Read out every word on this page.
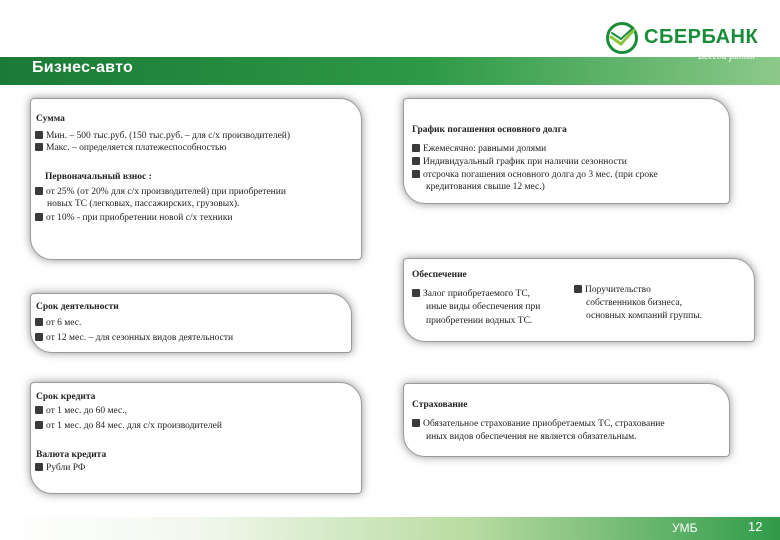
Бизнес-авто
СБЕРБАНК
Всегда рядом
Сумма
Мин. – 500 тыс.руб. (150 тыс.руб. – для с/х производителей)
Макс. – определяется платежеспособностью
Первоначальный взнос :
от 25% (от 20% для с/х производителей) при приобретении
новых ТС (легковых, пассажирских, грузовых).
от 10% - при приобретении новой с/х техники
Срок деятельности
от 6 мес.
от 12 мес. – для сезонных видов деятельности
Срок кредита
от 1 мес. до 60 мес.,
от 1 мес. до 84 мес. для с/х производителей
Валюта кредита
Рубли РФ
График погашения основного долга
Ежемесячно: равными долями
Индивидуальный график при наличии сезонности
отсрочка погашения основного долга до 3 мес. (при сроке
кредитования свыше 12 мес.)
Обеспечение
Залог приобретаемого ТС,
иные виды обеспечения при
приобретении водных ТС.
Поручительство
собственников бизнеса,
основных компаний группы.
Страхование
Обязательное страхование приобретаемых ТС, страхование
иных видов обеспечения не является обязательным.
УМБ	12
